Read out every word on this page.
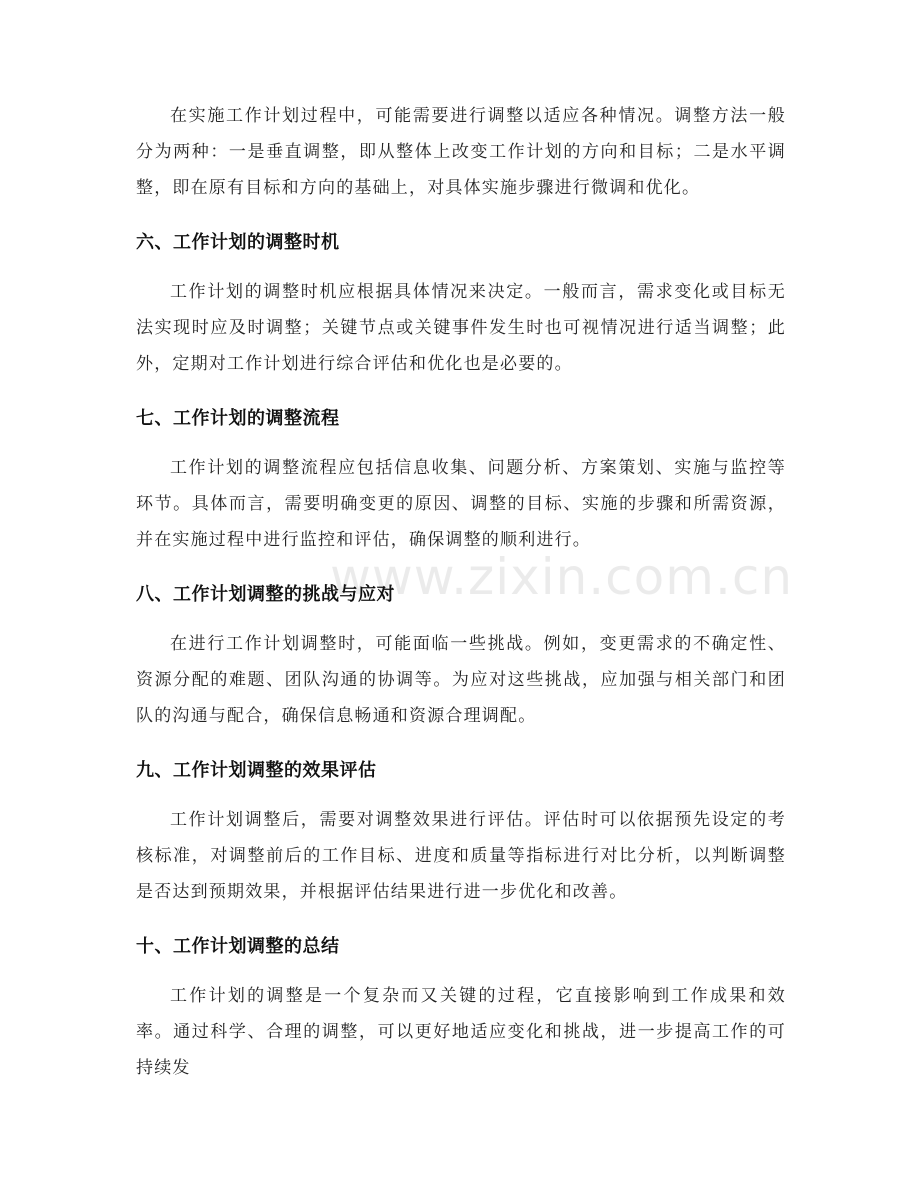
在实施工作计划过程中，可能需要进行调整以适应各种情况。调整方法一般分为两种：一是垂直调整，即从整体上改变工作计划的方向和目标；二是水平调整，即在原有目标和方向的基础上，对具体实施步骤进行微调和优化。

六、工作计划的调整时机

工作计划的调整时机应根据具体情况来决定。一般而言，需求变化或目标无法实现时应及时调整；关键节点或关键事件发生时也可视情况进行适当调整；此外，定期对工作计划进行综合评估和优化也是必要的。

七、工作计划的调整流程

工作计划的调整流程应包括信息收集、问题分析、方案策划、实施与监控等环节。具体而言，需要明确变更的原因、调整的目标、实施的步骤和所需资源，并在实施过程中进行监控和评估，确保调整的顺利进行。

八、工作计划调整的挑战与应对

在进行工作计划调整时，可能面临一些挑战。例如，变更需求的不确定性、资源分配的难题、团队沟通的协调等。为应对这些挑战，应加强与相关部门和团队的沟通与配合，确保信息畅通和资源合理调配。

九、工作计划调整的效果评估

工作计划调整后，需要对调整效果进行评估。评估时可以依据预先设定的考核标准，对调整前后的工作目标、进度和质量等指标进行对比分析，以判断调整是否达到预期效果，并根据评估结果进行进一步优化和改善。

十、工作计划调整的总结

工作计划的调整是一个复杂而又关键的过程，它直接影响到工作成果和效率。通过科学、合理的调整，可以更好地适应变化和挑战，进一步提高工作的可持续发

www.zixin.com.cn
